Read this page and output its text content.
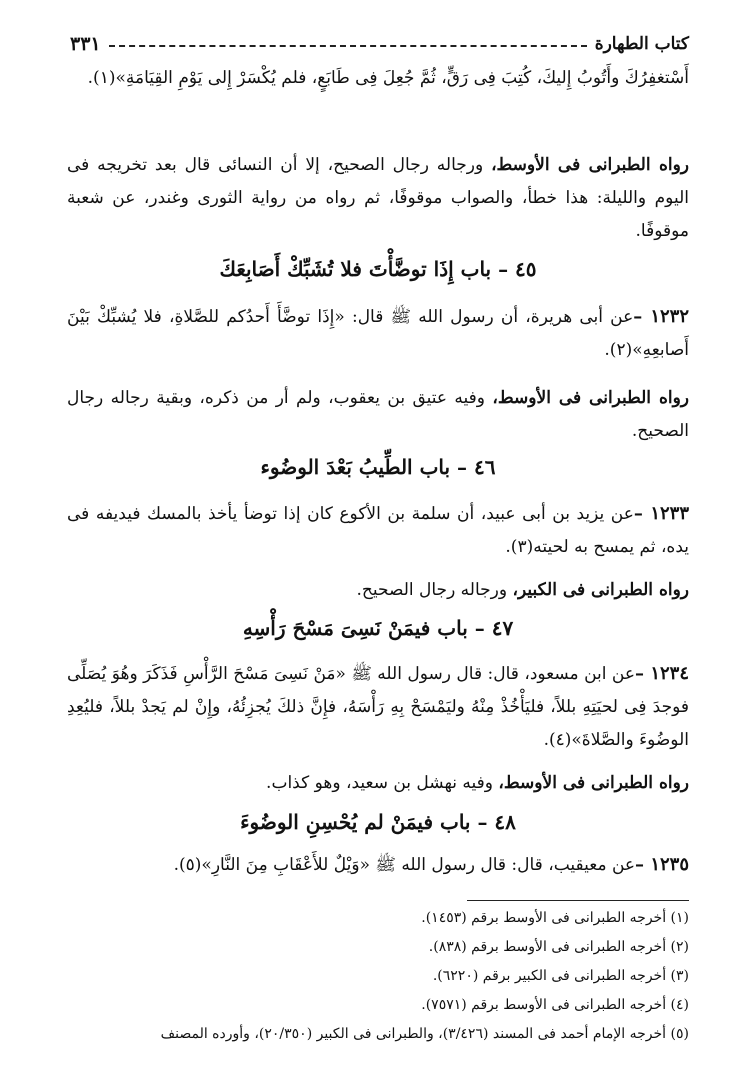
كتاب الطهارة
٣٣١
أَسْتغفِرُكَ وأَتُوبُ إِليكَ، كُتِبَ فِى رَقٍّ، ثُمَّ جُعِلَ فِى طَابَعٍ، فلم يُكْسَرْ إِلى يَوْمِ القِيَامَةِ»(١).
رواه الطبرانى فى الأوسط، ورجاله رجال الصحيح، إلا أن النسائى قال بعد تخريجه فى اليوم والليلة: هذا خطأ، والصواب موقوفًا، ثم رواه من رواية الثورى وغندر، عن شعبة موقوفًا.
٤٥ – باب إِذَا توضَّأْتَ فلا تُشَبِّكْ أَصَابِعَكَ
١٢٣٢ –عن أبى هريرة، أن رسول الله ﷺ قال: «إِذَا توضَّأَ أَحدُكم للصَّلاةِ، فلا يُشبِّكْ بَيْنَ أَصابعِهِ»(٢).
رواه الطبرانى فى الأوسط، وفيه عتيق بن يعقوب، ولم أر من ذكره، وبقية رجاله رجال الصحيح.
٤٦ – باب الطِّيبُ بَعْدَ الوضُوء
١٢٣٣ –عن يزيد بن أبى عبيد، أن سلمة بن الأكوع كان إذا توضأ يأخذ بالمسك فيديفه فى يده، ثم يمسح به لحيته(٣).
رواه الطبرانى فى الكبير، ورجاله رجال الصحيح.
٤٧ – باب فيمَنْ نَسِىَ مَسْحَ رَأْسِهِ
١٢٣٤ –عن ابن مسعود، قال: قال رسول الله ﷺ «مَنْ نَسِىَ مَسْحَ الرَّأْسِ فَذَكَرَ وهُوَ يُصَلِّى فوجدَ فِى لحيَتِهِ بللاً، فليَأْخُذْ مِنْهُ وليَمْسَحْ بِهِ رَأْسَهُ، فإِنَّ ذلكَ يُجزِئُهُ، وإِنْ لم يَجدْ بللاً، فليُعِدِ الوضُوءَ والصَّلاةَ»(٤).
رواه الطبرانى فى الأوسط، وفيه نهشل بن سعيد، وهو كذاب.
٤٨ – باب فيمَنْ لم يُحْسِنِ الوضُوءَ
١٢٣٥ –عن معيقيب، قال: قال رسول الله ﷺ «وَيْلٌ للأَعْقَابِ مِنَ النَّارِ»(٥).
(١) أخرجه الطبرانى فى الأوسط برقم (١٤٥٣).
(٢) أخرجه الطبرانى فى الأوسط برقم (٨٣٨).
(٣) أخرجه الطبرانى فى الكبير برقم (٦٢٢٠).
(٤) أخرجه الطبرانى فى الأوسط برقم (٧٥٧١).
(٥) أخرجه الإمام أحمد فى المسند (٣/٤٢٦)، والطبرانى فى الكبير (٢٠/٣٥٠)، وأورده المصنف
